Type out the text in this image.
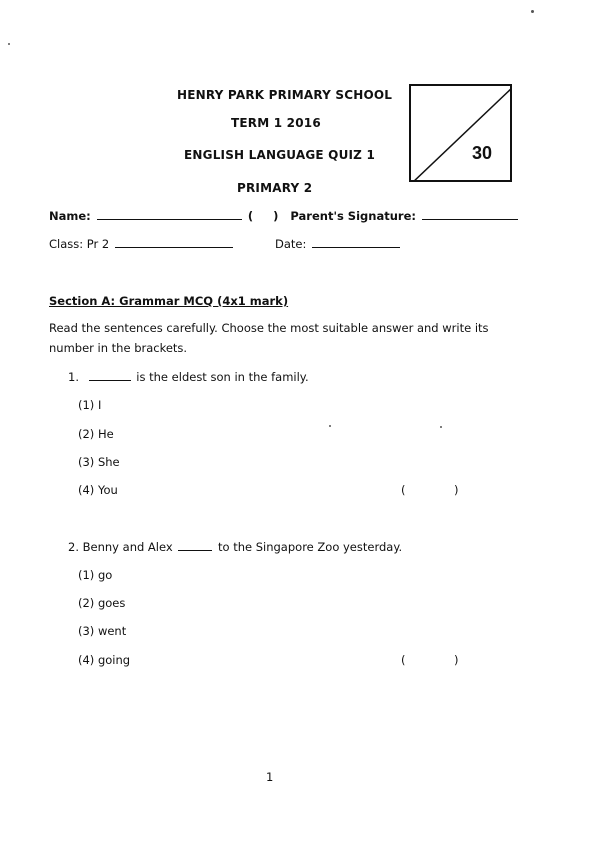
HENRY PARK PRIMARY SCHOOL
TERM 1 2016
ENGLISH LANGUAGE QUIZ 1
PRIMARY 2
30
Name:	( ) Parent's Signature:
Class: Pr 2	Date:
Section A: Grammar MCQ (4x1 mark)
Read the sentences carefully. Choose the most suitable answer and write its
number in the brackets.
1.	is the eldest son in the family.
(1) I
(2) He
(3) She
(4) You	(	)
2. Benny and Alex	to the Singapore Zoo yesterday.
(1) go
(2) goes
(3) went
(4) going	(	)
1
